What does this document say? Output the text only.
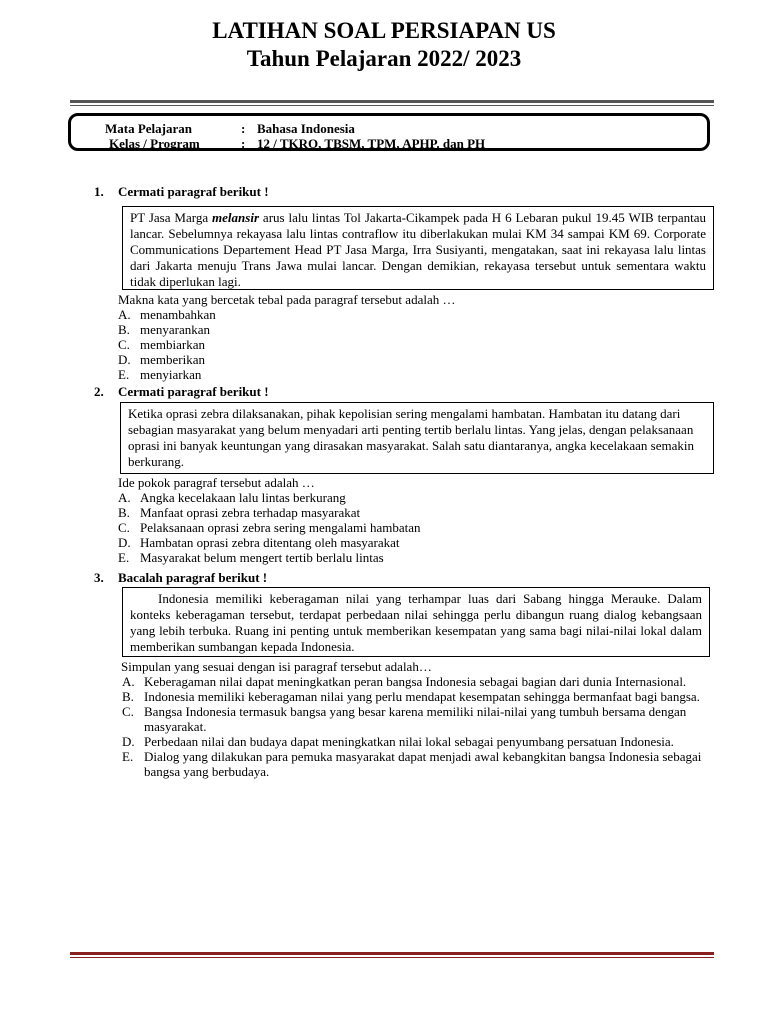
LATIHAN SOAL PERSIAPAN US
Tahun Pelajaran 2022/ 2023
Mata Pelajaran	: Bahasa Indonesia
Kelas / Program	: 12 / TKRO, TBSM, TPM, APHP. dan PH
1. Cermati paragraf berikut !
PT Jasa Marga melansir arus lalu lintas Tol Jakarta-Cikampek pada H 6 Lebaran pukul 19.45 WIB terpantau lancar. Sebelumnya rekayasa lalu lintas contraflow itu diberlakukan mulai KM 34 sampai KM 69. Corporate Communications Departement Head PT Jasa Marga, Irra Susiyanti, mengatakan, saat ini rekayasa lalu lintas dari Jakarta menuju Trans Jawa mulai lancar. Dengan demikian, rekayasa tersebut untuk sementara waktu tidak diperlukan lagi.
Makna kata yang bercetak tebal pada paragraf tersebut adalah …
A. menambahkan
B. menyarankan
C. membiarkan
D. memberikan
E. menyiarkan
2. Cermati paragraf berikut !
Ketika oprasi zebra dilaksanakan, pihak kepolisian sering mengalami hambatan. Hambatan itu datang dari sebagian masyarakat yang belum menyadari arti penting tertib berlalu lintas. Yang jelas, dengan pelaksanaan oprasi ini banyak keuntungan yang dirasakan masyarakat. Salah satu diantaranya, angka kecelakaan semakin berkurang.
Ide pokok paragraf tersebut adalah …
A. Angka kecelakaan lalu lintas berkurang
B. Manfaat oprasi zebra terhadap masyarakat
C. Pelaksanaan oprasi zebra sering mengalami hambatan
D. Hambatan oprasi zebra ditentang oleh masyarakat
E. Masyarakat belum mengert tertib berlalu lintas
3. Bacalah paragraf berikut !
Indonesia memiliki keberagaman nilai yang terhampar luas dari Sabang hingga Merauke. Dalam konteks keberagaman tersebut, terdapat perbedaan nilai sehingga perlu dibangun ruang dialog kebangsaan yang lebih terbuka. Ruang ini penting untuk memberikan kesempatan yang sama bagi nilai-nilai lokal dalam memberikan sumbangan kepada Indonesia.
Simpulan yang sesuai dengan isi paragraf tersebut adalah…
A. Keberagaman nilai dapat meningkatkan peran bangsa Indonesia sebagai bagian dari dunia Internasional.
B. Indonesia memiliki keberagaman nilai yang perlu mendapat kesempatan sehingga bermanfaat bagi bangsa.
C. Bangsa Indonesia termasuk bangsa yang besar karena memiliki nilai-nilai yang tumbuh bersama dengan masyarakat.
D. Perbedaan nilai dan budaya dapat meningkatkan nilai lokal sebagai penyumbang persatuan Indonesia.
E. Dialog yang dilakukan para pemuka masyarakat dapat menjadi awal kebangkitan bangsa Indonesia sebagai bangsa yang berbudaya.
